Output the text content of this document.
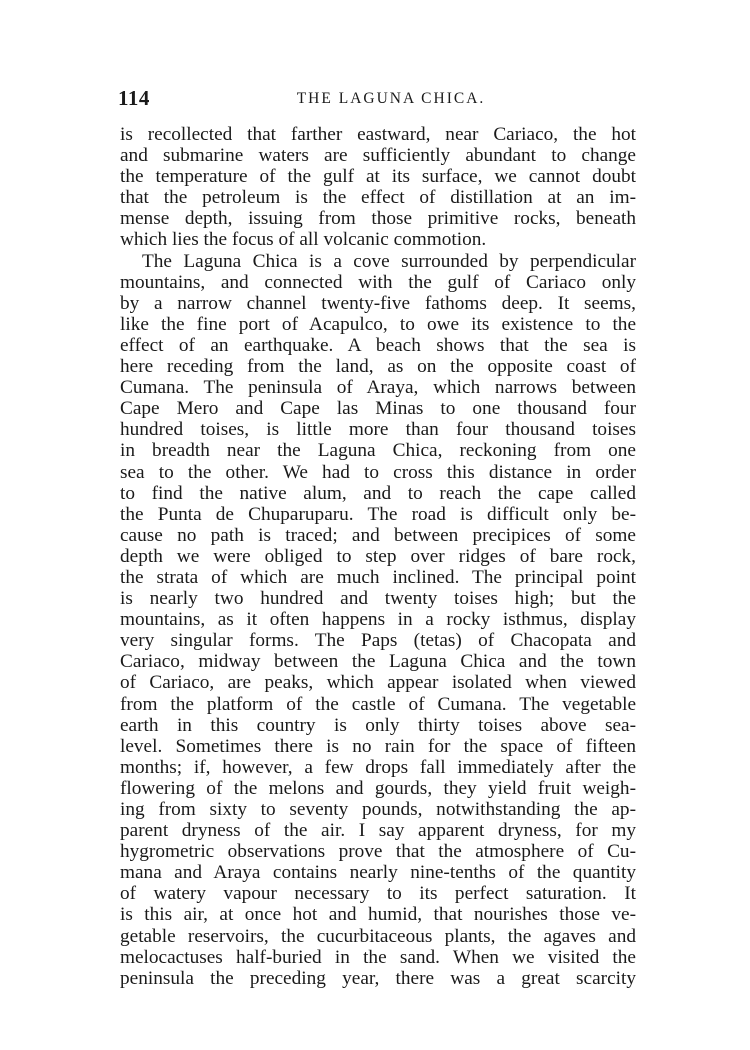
114	THE LAGUNA CHICA.
is recollected that farther eastward, near Cariaco, the hot
and submarine waters are sufficiently abundant to change
the temperature of the gulf at its surface, we cannot doubt
that the petroleum is the effect of distillation at an im-
mense depth, issuing from those primitive rocks, beneath
which lies the focus of all volcanic commotion.
The Laguna Chica is a cove surrounded by perpendicular
mountains, and connected with the gulf of Cariaco only
by a narrow channel twenty-five fathoms deep. It seems,
like the fine port of Acapulco, to owe its existence to the
effect of an earthquake. A beach shows that the sea is
here receding from the land, as on the opposite coast of
Cumana. The peninsula of Araya, which narrows between
Cape Mero and Cape las Minas to one thousand four
hundred toises, is little more than four thousand toises
in breadth near the Laguna Chica, reckoning from one
sea to the other. We had to cross this distance in order
to find the native alum, and to reach the cape called
the Punta de Chuparuparu. The road is difficult only be-
cause no path is traced; and between precipices of some
depth we were obliged to step over ridges of bare rock,
the strata of which are much inclined. The principal point
is nearly two hundred and twenty toises high; but the
mountains, as it often happens in a rocky isthmus, display
very singular forms. The Paps (tetas) of Chacopata and
Cariaco, midway between the Laguna Chica and the town
of Cariaco, are peaks, which appear isolated when viewed
from the platform of the castle of Cumana. The vegetable
earth in this country is only thirty toises above sea-
level. Sometimes there is no rain for the space of fifteen
months; if, however, a few drops fall immediately after the
flowering of the melons and gourds, they yield fruit weigh-
ing from sixty to seventy pounds, notwithstanding the ap-
parent dryness of the air. I say apparent dryness, for my
hygrometric observations prove that the atmosphere of Cu-
mana and Araya contains nearly nine-tenths of the quantity
of watery vapour necessary to its perfect saturation. It
is this air, at once hot and humid, that nourishes those ve-
getable reservoirs, the cucurbitaceous plants, the agaves and
melocactuses half-buried in the sand. When we visited the
peninsula the preceding year, there was a great scarcity
